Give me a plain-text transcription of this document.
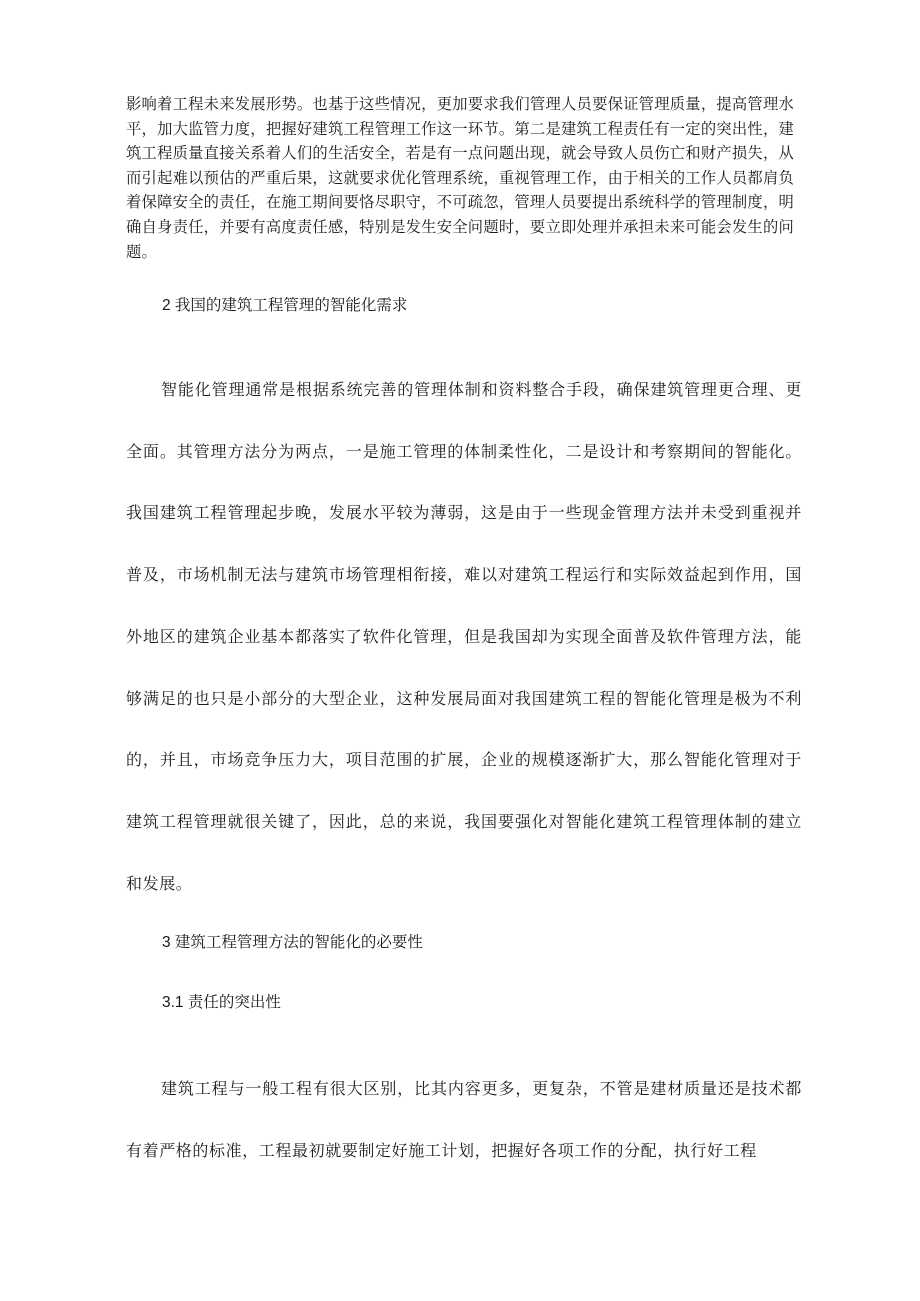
影响着工程未来发展形势。也基于这些情况，更加要求我们管理人员要保证管理质量，提高管理水平，加大监管力度，把握好建筑工程管理工作这一环节。第二是建筑工程责任有一定的突出性，建筑工程质量直接关系着人们的生活安全，若是有一点问题出现，就会导致人员伤亡和财产损失，从而引起难以预估的严重后果，这就要求优化管理系统，重视管理工作，由于相关的工作人员都肩负着保障安全的责任，在施工期间要恪尽职守，不可疏忽，管理人员要提出系统科学的管理制度，明确自身责任，并要有高度责任感，特别是发生安全问题时，要立即处理并承担未来可能会发生的问题。

2 我国的建筑工程管理的智能化需求

智能化管理通常是根据系统完善的管理体制和资料整合手段，确保建筑管理更合理、更全面。其管理方法分为两点，一是施工管理的体制柔性化，二是设计和考察期间的智能化。我国建筑工程管理起步晚，发展水平较为薄弱，这是由于一些现金管理方法并未受到重视并普及，市场机制无法与建筑市场管理相衔接，难以对建筑工程运行和实际效益起到作用，国外地区的建筑企业基本都落实了软件化管理，但是我国却为实现全面普及软件管理方法，能够满足的也只是小部分的大型企业，这种发展局面对我国建筑工程的智能化管理是极为不利的，并且，市场竞争压力大，项目范围的扩展，企业的规模逐渐扩大，那么智能化管理对于建筑工程管理就很关键了，因此，总的来说，我国要强化对智能化建筑工程管理体制的建立和发展。

3 建筑工程管理方法的智能化的必要性

3.1 责任的突出性

建筑工程与一般工程有很大区别，比其内容更多，更复杂，不管是建材质量还是技术都有着严格的标准，工程最初就要制定好施工计划，把握好各项工作的分配，执行好工程
